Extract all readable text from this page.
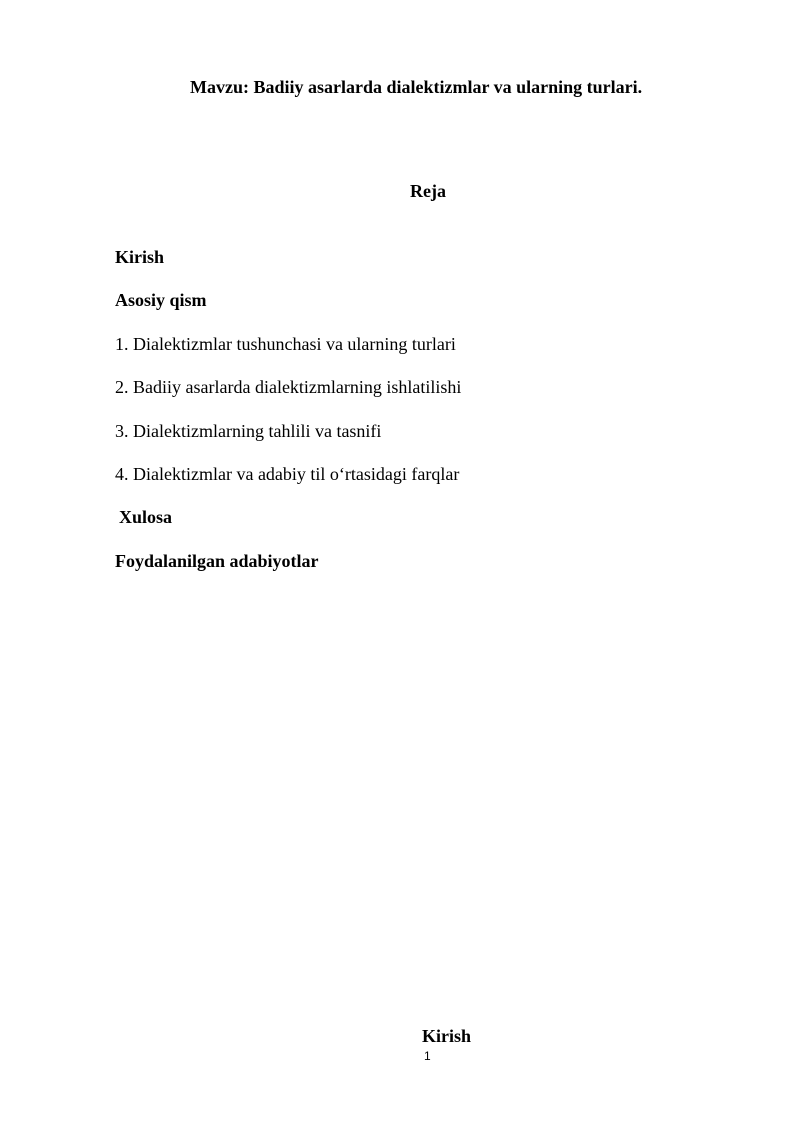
Mavzu: Badiiy asarlarda dialektizmlar va ularning turlari.
Reja
Kirish
Asosiy qism
1. Dialektizmlar tushunchasi va ularning turlari
2. Badiiy asarlarda dialektizmlarning ishlatilishi
3. Dialektizmlarning tahlili va tasnifi
4. Dialektizmlar va adabiy til o‘rtasidagi farqlar
Xulosa
Foydalanilgan adabiyotlar
Kirish
1
